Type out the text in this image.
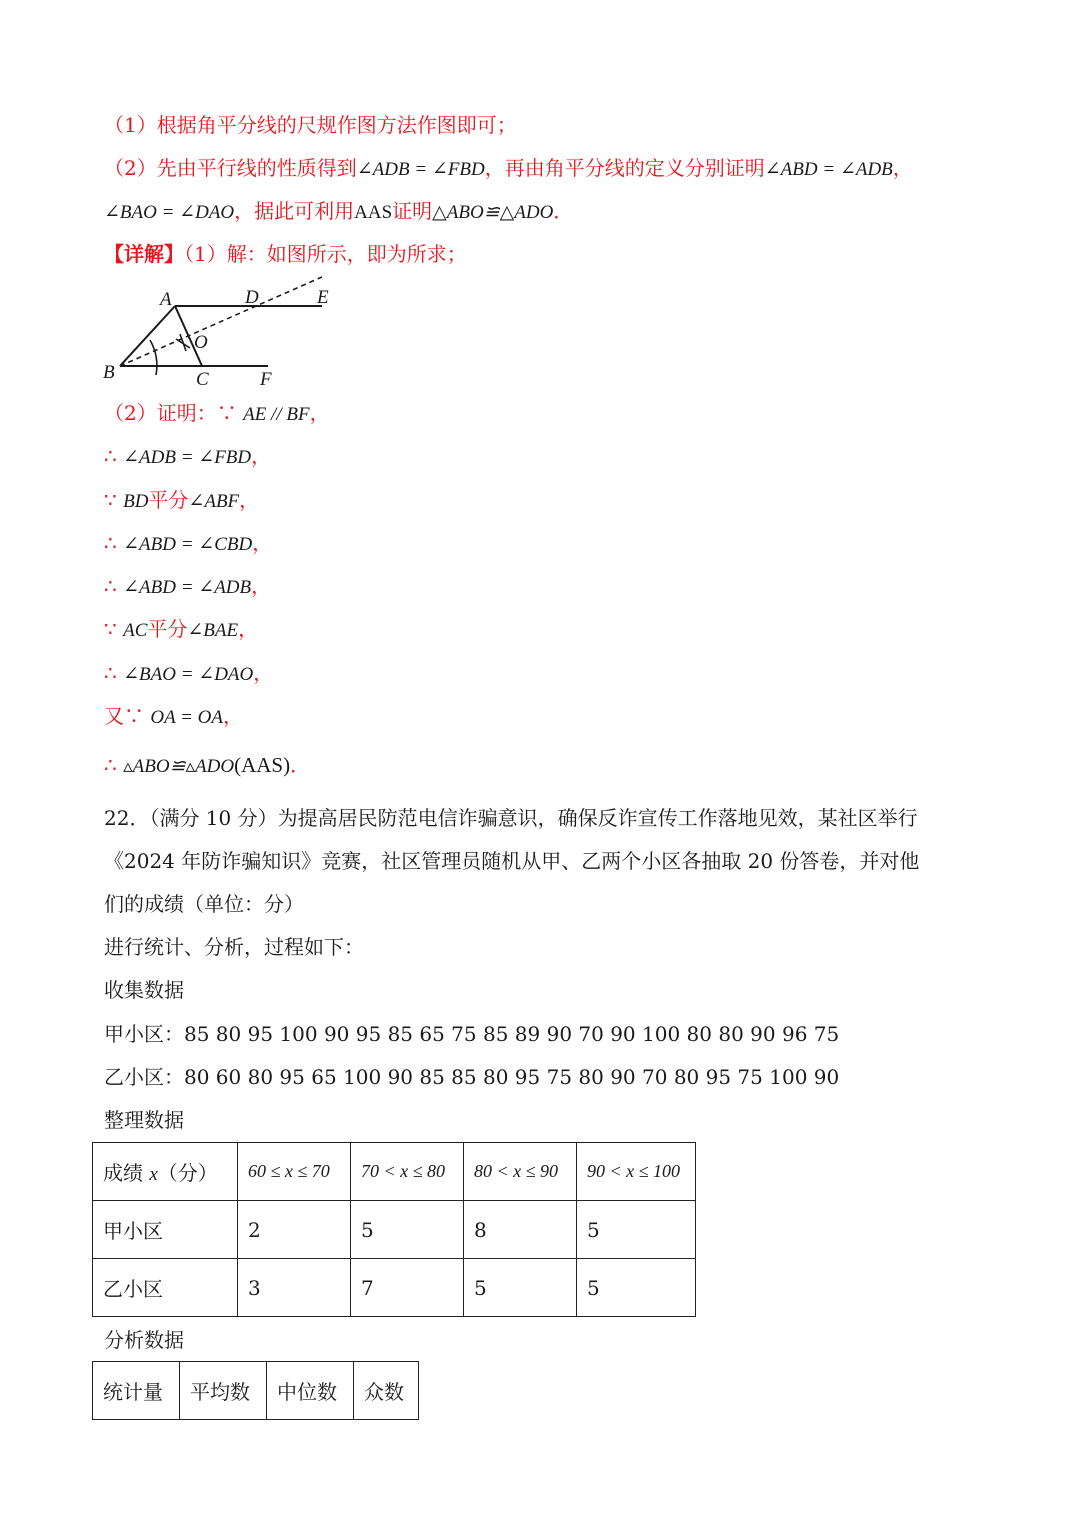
（1）根据角平分线的尺规作图方法作图即可；
（2）先由平行线的性质得到∠ADB = ∠FBD，再由角平分线的定义分别证明∠ABD = ∠ADB，
∠BAO = ∠DAO，据此可利用AAS证明△ABO≌△ADO．
【详解】（1）解：如图所示，即为所求；
A	D	E
O
B	C	F
（2）证明：∵ AE // BF，
∴ ∠ADB = ∠FBD，
∵ BD平分∠ABF，
∴ ∠ABD = ∠CBD，
∴ ∠ABD = ∠ADB，
∵ AC平分∠BAE，
∴ ∠BAO = ∠DAO，
又∵ OA = OA，
∴ ▵ABO≌▵ADO(AAS)．
22．（满分 10 分）为提高居民防范电信诈骗意识，确保反诈宣传工作落地见效，某社区举行
《2024 年防诈骗知识》竞赛，社区管理员随机从甲、乙两个小区各抽取 20 份答卷，并对他
们的成绩（单位：分）
进行统计、分析，过程如下：
收集数据
甲小区：85 80 95 100 90 95 85 65 75 85 89 90 70 90 100 80 80 90 96 75
乙小区：80 60 80 95 65 100 90 85 85 80 95 75 80 90 70 80 95 75 100 90
整理数据
成绩 x（分）	60 ≤ x ≤ 70	70 < x ≤ 80	80 < x ≤ 90	90 < x ≤ 100
甲小区	2	5	8	5
乙小区	3	7	5	5
分析数据
统计量	平均数	中位数	众数
